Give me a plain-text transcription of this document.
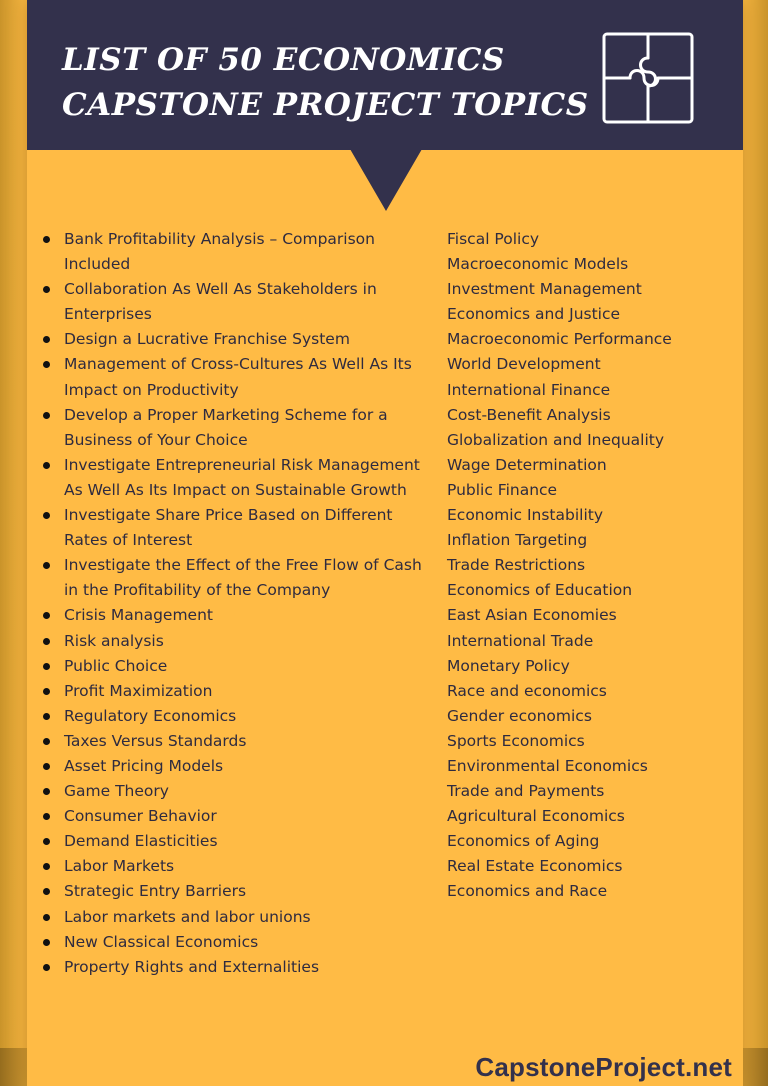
LIST OF 50 ECONOMICS
CAPSTONE PROJECT TOPICS
Bank Profitability Analysis – Comparison Included
Collaboration As Well As Stakeholders in Enterprises
Design a Lucrative Franchise System
Management of Cross-Cultures As Well As Its Impact on Productivity
Develop a Proper Marketing Scheme for a Business of Your Choice
Investigate Entrepreneurial Risk Management As Well As Its Impact on Sustainable Growth
Investigate Share Price Based on Different Rates of Interest
Investigate the Effect of the Free Flow of Cash in the Profitability of the Company
Crisis Management
Risk analysis
Public Choice
Profit Maximization
Regulatory Economics
Taxes Versus Standards
Asset Pricing Models
Game Theory
Consumer Behavior
Demand Elasticities
Labor Markets
Strategic Entry Barriers
Labor markets and labor unions
New Classical Economics
Property Rights and Externalities
Fiscal Policy
Macroeconomic Models
Investment Management
Economics and Justice
Macroeconomic Performance
World Development
International Finance
Cost-Benefit Analysis
Globalization and Inequality
Wage Determination
Public Finance
Economic Instability
Inflation Targeting
Trade Restrictions
Economics of Education
East Asian Economies
International Trade
Monetary Policy
Race and economics
Gender economics
Sports Economics
Environmental Economics
Trade and Payments
Agricultural Economics
Economics of Aging
Real Estate Economics
Economics and Race
CapstoneProject.net
